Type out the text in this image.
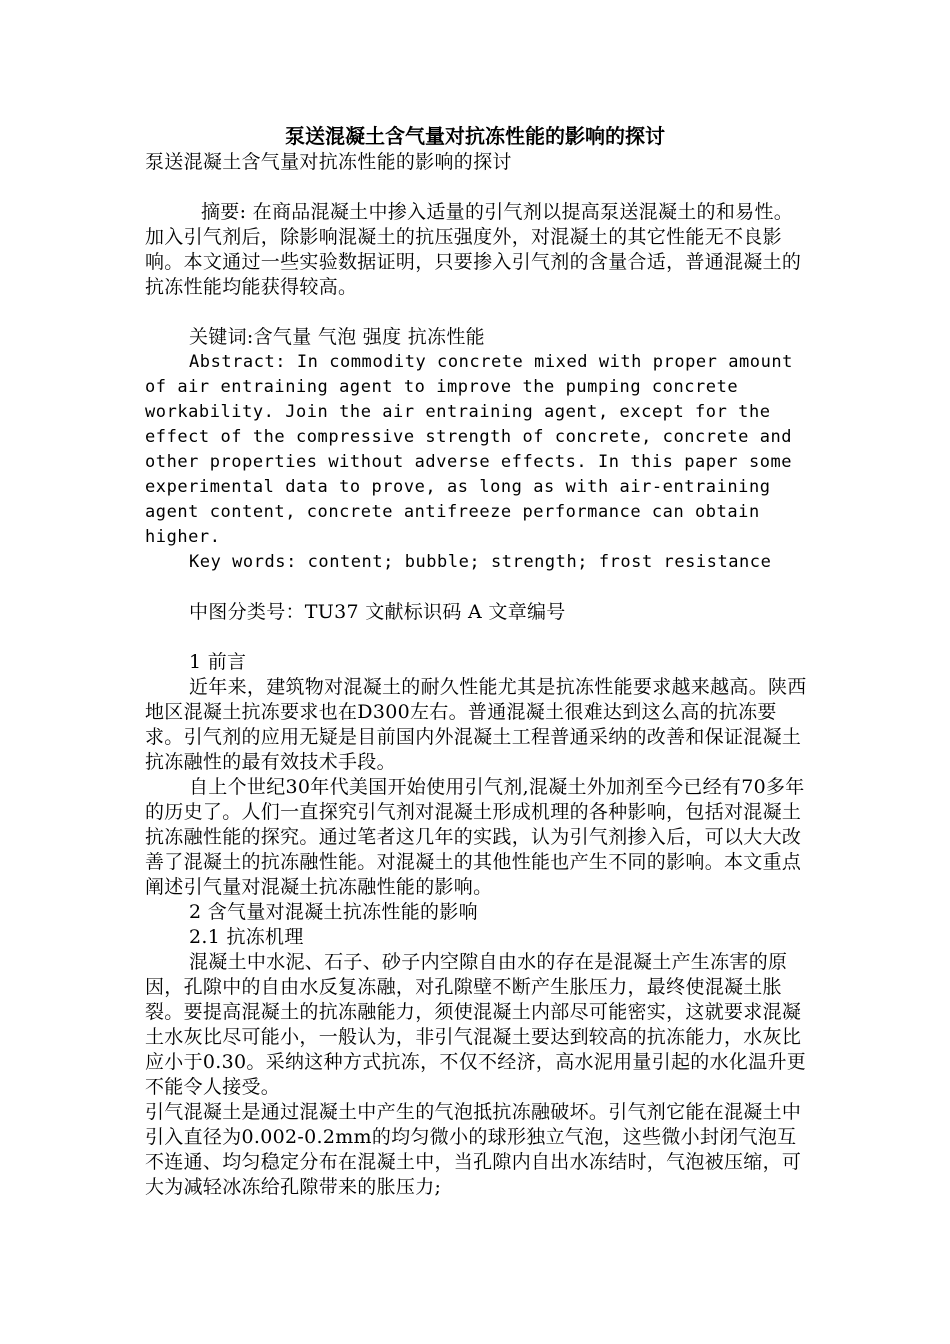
泵送混凝土含气量对抗冻性能的影响的探讨

泵送混凝土含气量对抗冻性能的影响的探讨

摘要: 在商品混凝土中掺入适量的引气剂以提高泵送混凝土的和易性。加入引气剂后，除影响混凝土的抗压强度外，对混凝土的其它性能无不良影响。本文通过一些实验数据证明，只要掺入引气剂的含量合适，普通混凝土的抗冻性能均能获得较高。

关键词:含气量 气泡 强度 抗冻性能

Abstract: In commodity concrete mixed with proper amount of air entraining agent to improve the pumping concrete workability. Join the air entraining agent, except for the effect of the compressive strength of concrete, concrete and other properties without adverse effects. In this paper some experimental data to prove, as long as with air-entraining agent content, concrete antifreeze performance can obtain higher.

Key words: content; bubble; strength; frost resistance

中图分类号：TU37 文献标识码 A 文章编号

1 前言

近年来，建筑物对混凝土的耐久性能尤其是抗冻性能要求越来越高。陕西地区混凝土抗冻要求也在D300左右。普通混凝土很难达到这么高的抗冻要求。引气剂的应用无疑是目前国内外混凝土工程普通采纳的改善和保证混凝土抗冻融性的最有效技术手段。

自上个世纪30年代美国开始使用引气剂,混凝土外加剂至今已经有70多年的历史了。人们一直探究引气剂对混凝土形成机理的各种影响，包括对混凝土抗冻融性能的探究。通过笔者这几年的实践，认为引气剂掺入后，可以大大改善了混凝土的抗冻融性能。对混凝土的其他性能也产生不同的影响。本文重点阐述引气量对混凝土抗冻融性能的影响。

2 含气量对混凝土抗冻性能的影响

2.1 抗冻机理

混凝土中水泥、石子、砂子内空隙自由水的存在是混凝土产生冻害的原因，孔隙中的自由水反复冻融，对孔隙壁不断产生胀压力，最终使混凝土胀裂。要提高混凝土的抗冻融能力，须使混凝土内部尽可能密实，这就要求混凝土水灰比尽可能小，一般认为，非引气混凝土要达到较高的抗冻能力，水灰比应小于0.30。采纳这种方式抗冻，不仅不经济，高水泥用量引起的水化温升更不能令人接受。

引气混凝土是通过混凝土中产生的气泡抵抗冻融破坏。引气剂它能在混凝土中引入直径为0.002-0.2mm的均匀微小的球形独立气泡，这些微小封闭气泡互不连通、均匀稳定分布在混凝土中，当孔隙内自出水冻结时，气泡被压缩，可大为减轻冰冻给孔隙带来的胀压力;
